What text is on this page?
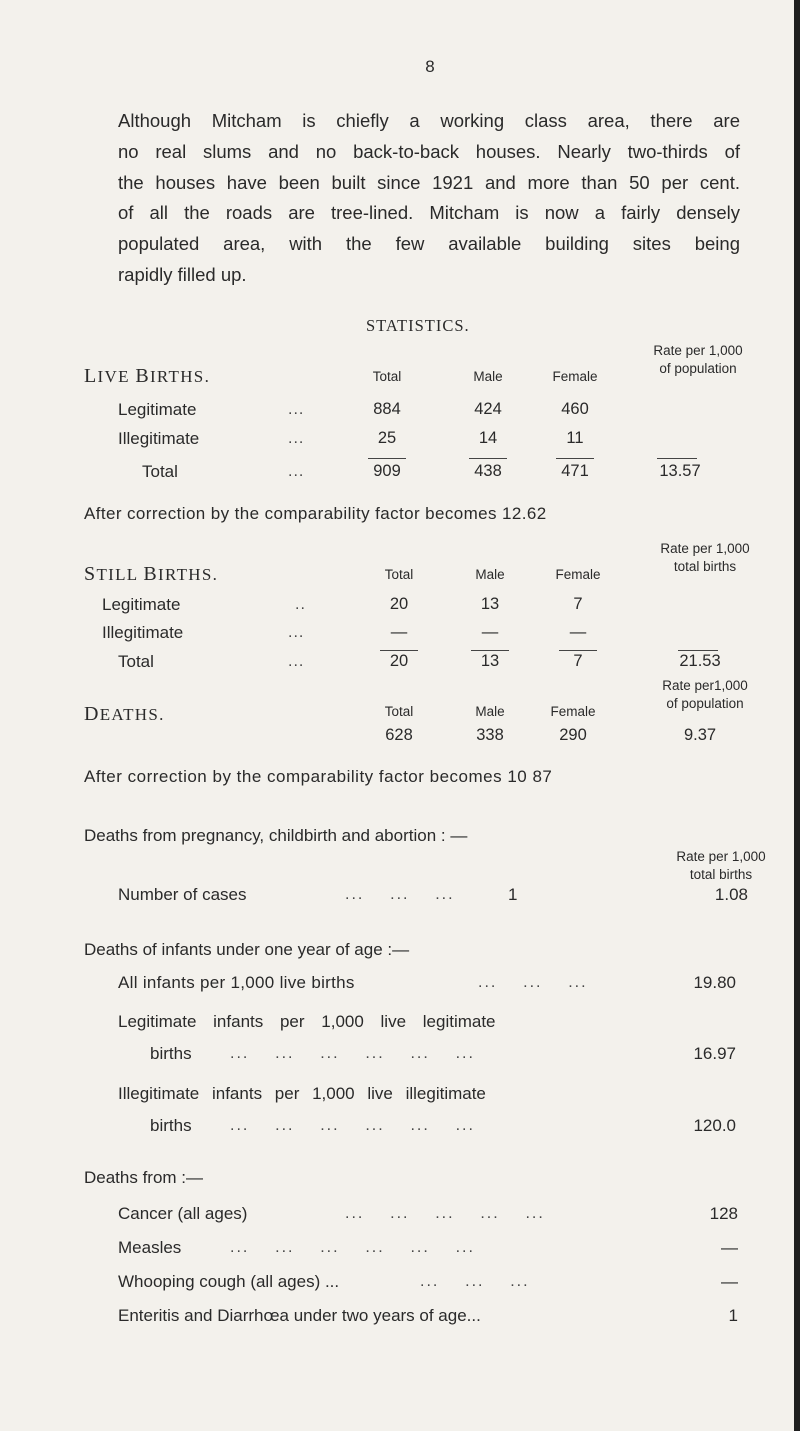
8
Although Mitcham is chiefly a working class area, there are
no real slums and no back-to-back houses. Nearly two-thirds of
the houses have been built since 1921 and more than 50 per cent.
of all the roads are tree-lined. Mitcham is now a fairly densely
populated area, with the few available building sites being
rapidly filled up.
STATISTICS.
LIVE BIRTHS.	Total	Male	Female
Rate per 1,000
of population
Legitimate	...	884	424	460
Illegitimate	...	25	14	11
Total	...	909	438	471	13.57
After correction by the comparability factor becomes 12.62
STILL BIRTHS.	Total	Male	Female
Rate per 1,000
total births
Legitimate	..	20	13	7
Illegitimate	...	—	—	—
Total	...	20	13	7	21.53
DEATHS.	Total	Male	Female
Rate per1,000
of population
628	338	290	9.37
After correction by the comparability factor becomes 10 87
Deaths from pregnancy, childbirth and abortion : —
Rate per 1,000
total births
Number of cases	...    ...    ...	1	1.08
Deaths of infants under one year of age :—
All infants per 1,000 live births	...    ...    ...	19.80
Legitimate infants per 1,000 live legitimate
births ...    ...    ...    ...    ...    ...	16.97
Illegitimate infants per 1,000 live illegitimate
births ...    ...    ...    ...    ...    ...	120.0
Deaths from :—
Cancer (all ages)	...    ...    ...    ...    ...	128
Measles	...    ...    ...    ...    ...    ...	—
Whooping cough (all ages) ...	...    ...    ...	—
Enteritis and Diarrhœa under two years of age...	1
